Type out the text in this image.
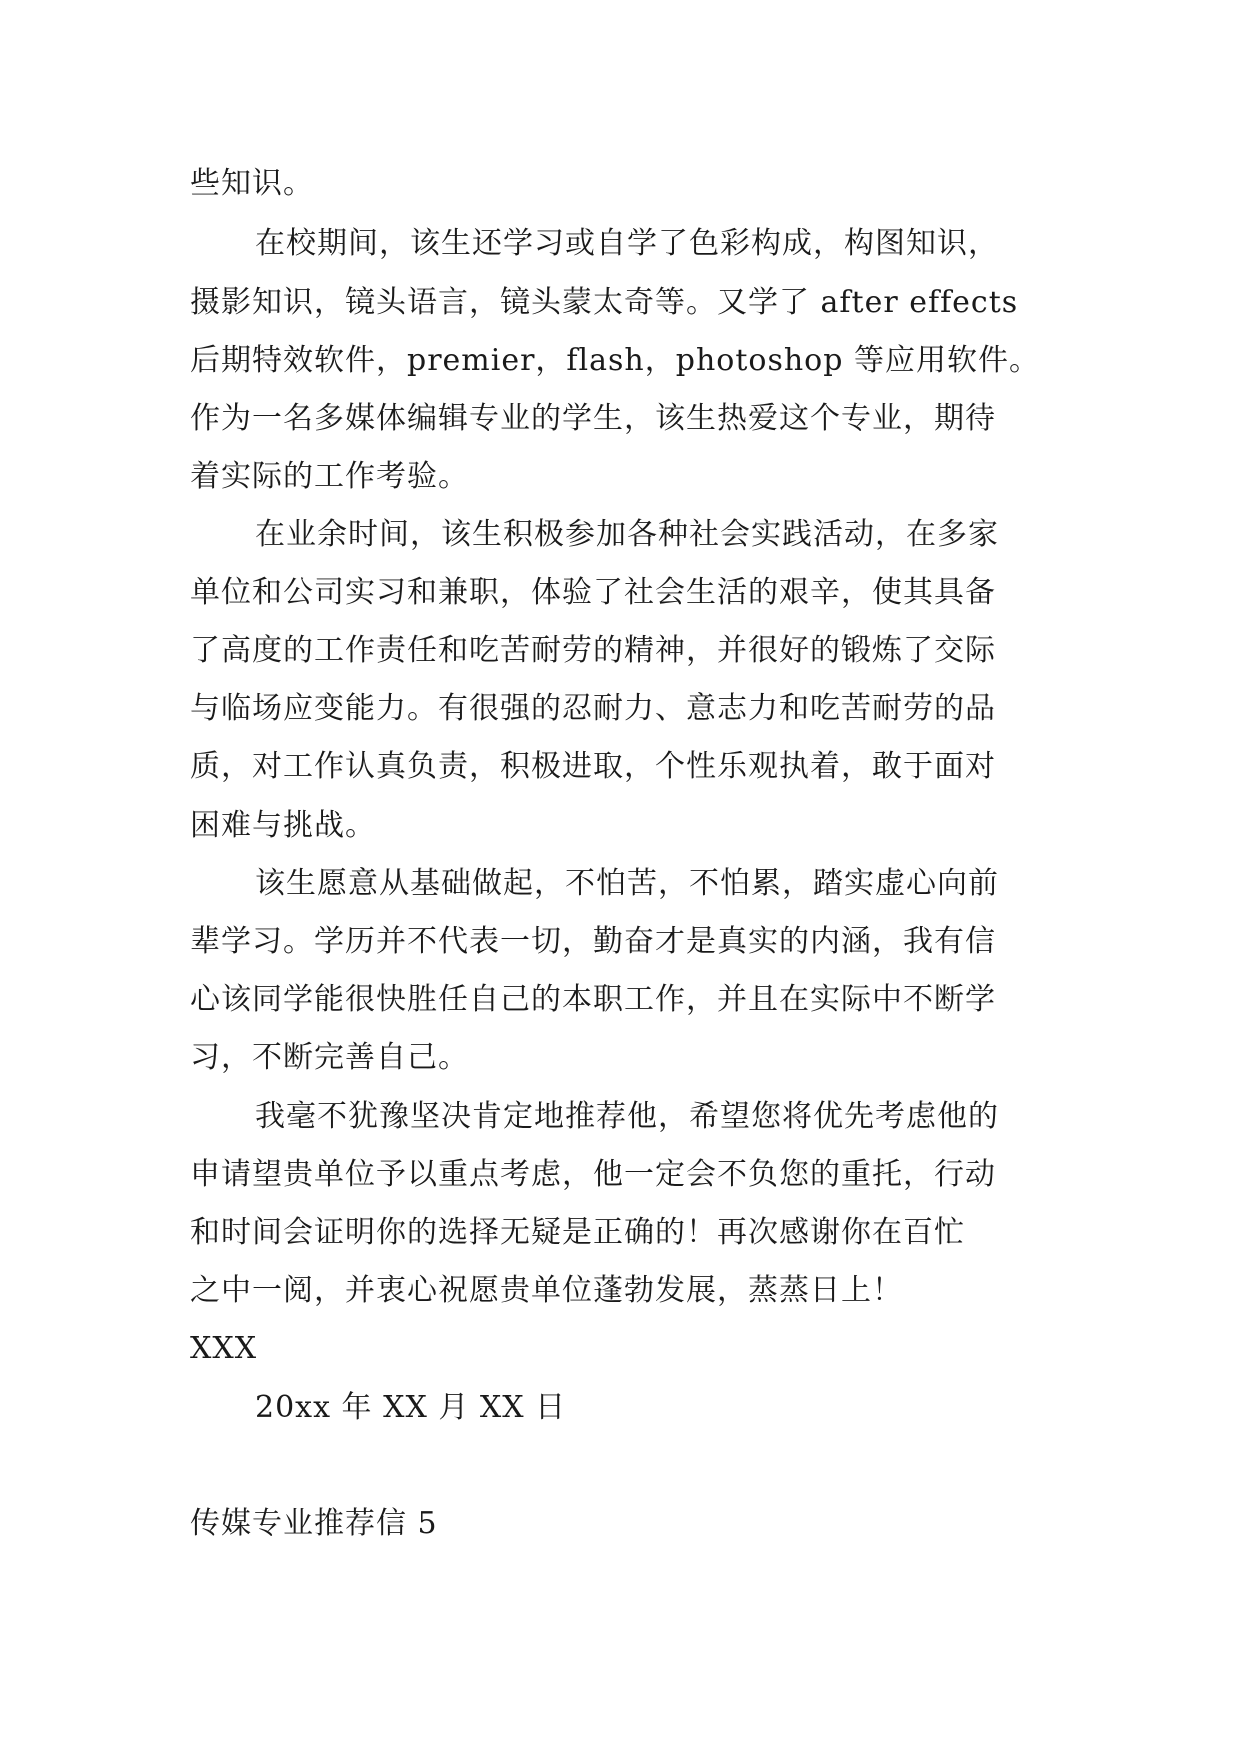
些知识。
在校期间，该生还学习或自学了色彩构成，构图知识，
摄影知识，镜头语言，镜头蒙太奇等。又学了 after effects
后期特效软件，premier，flash，photoshop 等应用软件。
作为一名多媒体编辑专业的学生，该生热爱这个专业，期待
着实际的工作考验。
在业余时间，该生积极参加各种社会实践活动，在多家
单位和公司实习和兼职，体验了社会生活的艰辛，使其具备
了高度的工作责任和吃苦耐劳的精神，并很好的锻炼了交际
与临场应变能力。有很强的忍耐力、意志力和吃苦耐劳的品
质，对工作认真负责，积极进取，个性乐观执着，敢于面对
困难与挑战。
该生愿意从基础做起，不怕苦，不怕累，踏实虚心向前
辈学习。学历并不代表一切，勤奋才是真实的内涵，我有信
心该同学能很快胜任自己的本职工作，并且在实际中不断学
习，不断完善自己。
我毫不犹豫坚决肯定地推荐他，希望您将优先考虑他的
申请望贵单位予以重点考虑，他一定会不负您的重托，行动
和时间会证明你的选择无疑是正确的！再次感谢你在百忙
之中一阅，并衷心祝愿贵单位蓬勃发展，蒸蒸日上！
XXX
20xx 年 XX 月 XX 日
传媒专业推荐信 5
